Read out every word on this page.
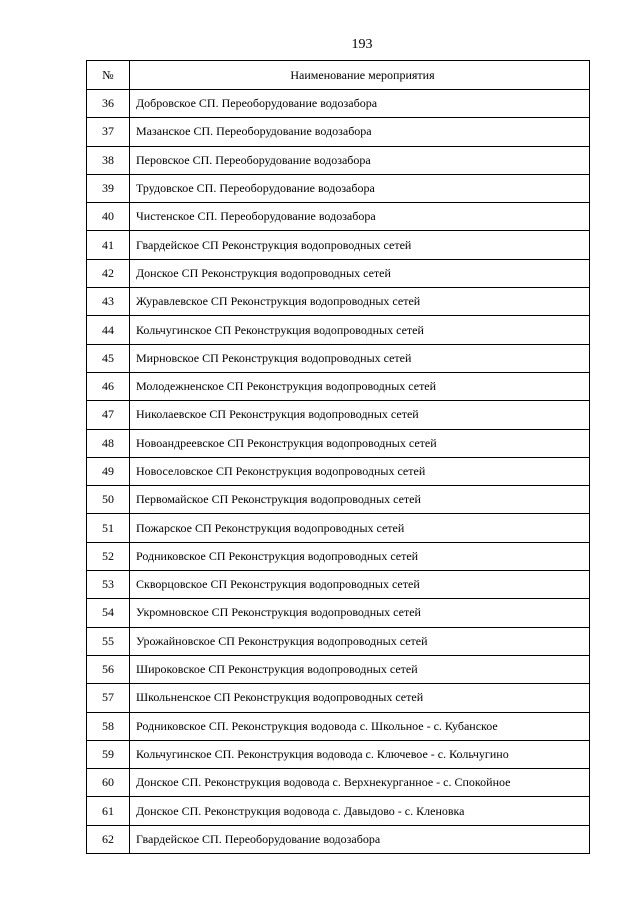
193
№	Наименование мероприятия
36	Добровское СП. Переоборудование водозабора
37	Мазанское СП. Переоборудование водозабора
38	Перовское СП. Переоборудование водозабора
39	Трудовское СП. Переоборудование водозабора
40	Чистенское СП. Переоборудование водозабора
41	Гвардейское СП Реконструкция водопроводных сетей
42	Донское СП Реконструкция водопроводных сетей
43	Журавлевское СП Реконструкция водопроводных сетей
44	Кольчугинское СП Реконструкция водопроводных сетей
45	Мирновское СП Реконструкция водопроводных сетей
46	Молодежненское СП Реконструкция водопроводных сетей
47	Николаевское СП Реконструкция водопроводных сетей
48	Новоандреевское СП Реконструкция водопроводных сетей
49	Новоселовское СП Реконструкция водопроводных сетей
50	Первомайское СП Реконструкция водопроводных сетей
51	Пожарское СП Реконструкция водопроводных сетей
52	Родниковское СП Реконструкция водопроводных сетей
53	Скворцовское СП Реконструкция водопроводных сетей
54	Укромновское СП Реконструкция водопроводных сетей
55	Урожайновское СП Реконструкция водопроводных сетей
56	Широковское СП Реконструкция водопроводных сетей
57	Школьненское СП Реконструкция водопроводных сетей
58	Родниковское СП. Реконструкция водовода с. Школьное - с. Кубанское
59	Кольчугинское СП. Реконструкция водовода с. Ключевое - с. Кольчугино
60	Донское СП. Реконструкция водовода с. Верхнекурганное - с. Спокойное
61	Донское СП. Реконструкция водовода с. Давыдово - с. Кленовка
62	Гвардейское СП. Переоборудование водозабора
